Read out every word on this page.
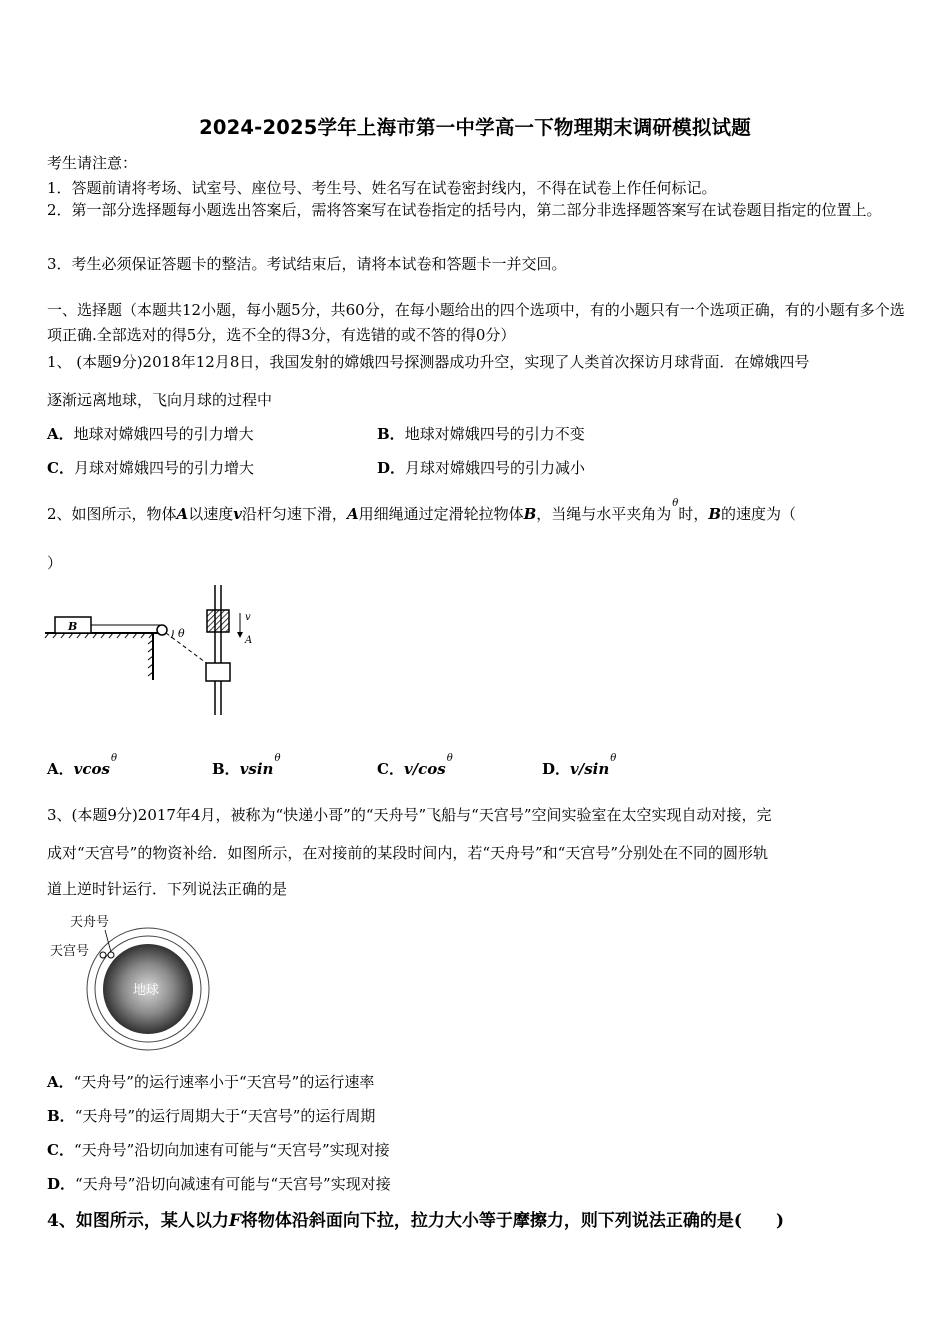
2024-2025学年上海市第一中学高一下物理期末调研模拟试题
考生请注意：
1．答题前请将考场、试室号、座位号、考生号、姓名写在试卷密封线内，不得在试卷上作任何标记。
2．第一部分选择题每小题选出答案后，需将答案写在试卷指定的括号内，第二部分非选择题答案写在试卷题目指定的位置上。
3．考生必须保证答题卡的整洁。考试结束后，请将本试卷和答题卡一并交回。
一、选择题（本题共12小题，每小题5分，共60分，在每小题给出的四个选项中，有的小题只有一个选项正确，有的小题有多个选项正确.全部选对的得5分，选不全的得3分，有选错的或不答的得0分）
1、 (本题9分)2018年12月8日，我国发射的嫦娥四号探测器成功升空，实现了人类首次探访月球背面．在嫦娥四号
逐渐远离地球，飞向月球的过程中
A．地球对嫦娥四号的引力增大	B．地球对嫦娥四号的引力不变
C．月球对嫦娥四号的引力增大	D．月球对嫦娥四号的引力减小
2、如图所示，物体A以速度v沿杆匀速下滑，A用细绳通过定滑轮拉物体B，当绳与水平夹角为$^\theta$时，B的速度为（
）
B
θ
v
A
A．vcos$^\theta$
B．vsin$^\theta$
C．$v/\cos^\theta$
D．$v/\sin^\theta$
3、(本题9分)2017年4月，被称为“快递小哥”的“天舟号”飞船与“天宫号”空间实验室在太空实现自动对接，完
成对“天宫号”的物资补给．如图所示，在对接前的某段时间内，若“天舟号”和“天宫号”分别处在不同的圆形轨
道上逆时针运行．下列说法正确的是
地球
天舟号
天宫号
A．“天舟号”的运行速率小于“天宫号”的运行速率
B．“天舟号”的运行周期大于“天宫号”的运行周期
C．“天舟号”沿切向加速有可能与“天宫号”实现对接
D．“天舟号”沿切向减速有可能与“天宫号”实现对接
4、如图所示，某人以力F将物体沿斜面向下拉，拉力大小等于摩擦力，则下列说法正确的是(　　)
